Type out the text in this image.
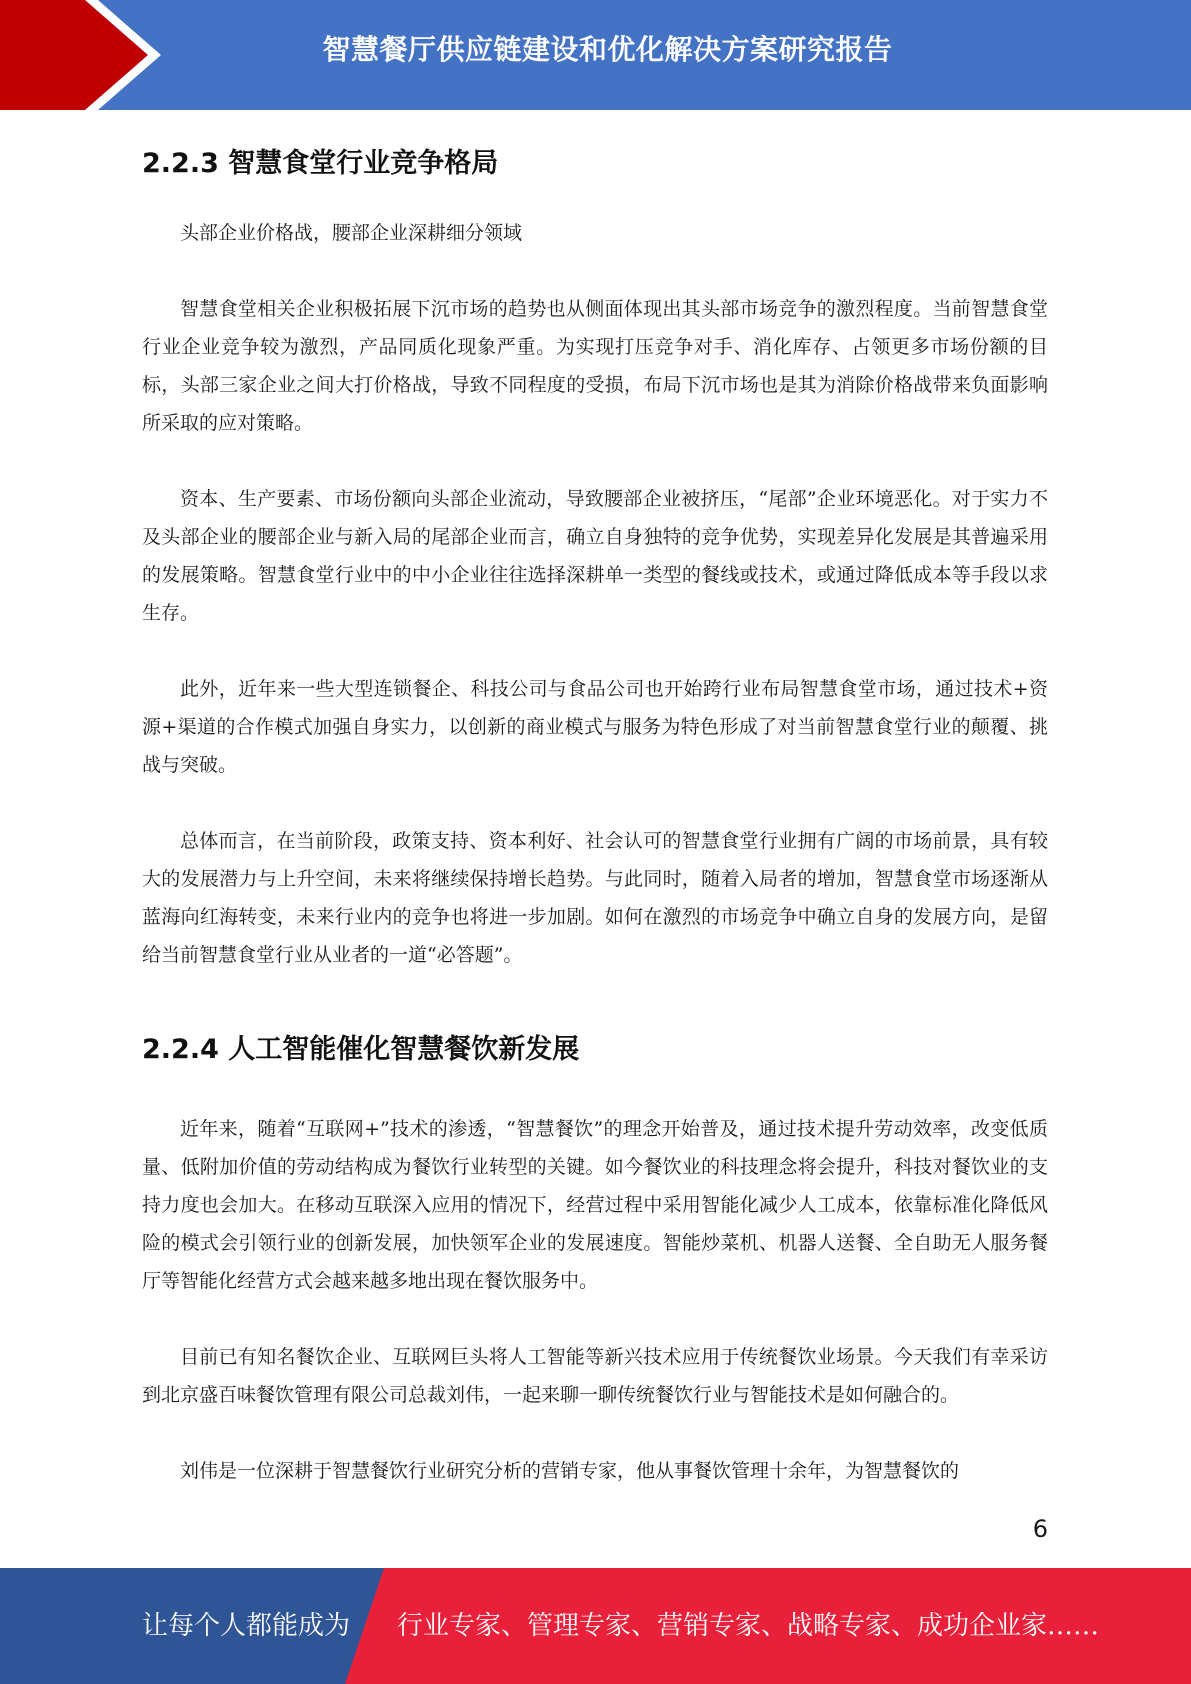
智慧餐厅供应链建设和优化解决方案研究报告
2.2.3 智慧食堂行业竞争格局

头部企业价格战，腰部企业深耕细分领域

智慧食堂相关企业积极拓展下沉市场的趋势也从侧面体现出其头部市场竞争的激烈程度。当前智慧食堂行业企业竞争较为激烈，产品同质化现象严重。为实现打压竞争对手、消化库存、占领更多市场份额的目标，头部三家企业之间大打价格战，导致不同程度的受损，布局下沉市场也是其为消除价格战带来负面影响所采取的应对策略。

资本、生产要素、市场份额向头部企业流动，导致腰部企业被挤压，“尾部”企业环境恶化。对于实力不及头部企业的腰部企业与新入局的尾部企业而言，确立自身独特的竞争优势，实现差异化发展是其普遍采用的发展策略。智慧食堂行业中的中小企业往往选择深耕单一类型的餐线或技术，或通过降低成本等手段以求生存。

此外，近年来一些大型连锁餐企、科技公司与食品公司也开始跨行业布局智慧食堂市场，通过技术+资源+渠道的合作模式加强自身实力，以创新的商业模式与服务为特色形成了对当前智慧食堂行业的颠覆、挑战与突破。

总体而言，在当前阶段，政策支持、资本利好、社会认可的智慧食堂行业拥有广阔的市场前景，具有较大的发展潜力与上升空间，未来将继续保持增长趋势。与此同时，随着入局者的增加，智慧食堂市场逐渐从蓝海向红海转变，未来行业内的竞争也将进一步加剧。如何在激烈的市场竞争中确立自身的发展方向，是留给当前智慧食堂行业从业者的一道“必答题”。

2.2.4 人工智能催化智慧餐饮新发展

近年来，随着“互联网+”技术的渗透，“智慧餐饮”的理念开始普及，通过技术提升劳动效率，改变低质量、低附加价值的劳动结构成为餐饮行业转型的关键。如今餐饮业的科技理念将会提升，科技对餐饮业的支持力度也会加大。在移动互联深入应用的情况下，经营过程中采用智能化减少人工成本，依靠标准化降低风险的模式会引领行业的创新发展，加快领军企业的发展速度。智能炒菜机、机器人送餐、全自助无人服务餐厅等智能化经营方式会越来越多地出现在餐饮服务中。

目前已有知名餐饮企业、互联网巨头将人工智能等新兴技术应用于传统餐饮业场景。今天我们有幸采访到北京盛百味餐饮管理有限公司总裁刘伟，一起来聊一聊传统餐饮行业与智能技术是如何融合的。

刘伟是一位深耕于智慧餐饮行业研究分析的营销专家，他从事餐饮管理十余年，为智慧餐饮的

6
让每个人都能成为 行业专家、管理专家、营销专家、战略专家、成功企业家……
